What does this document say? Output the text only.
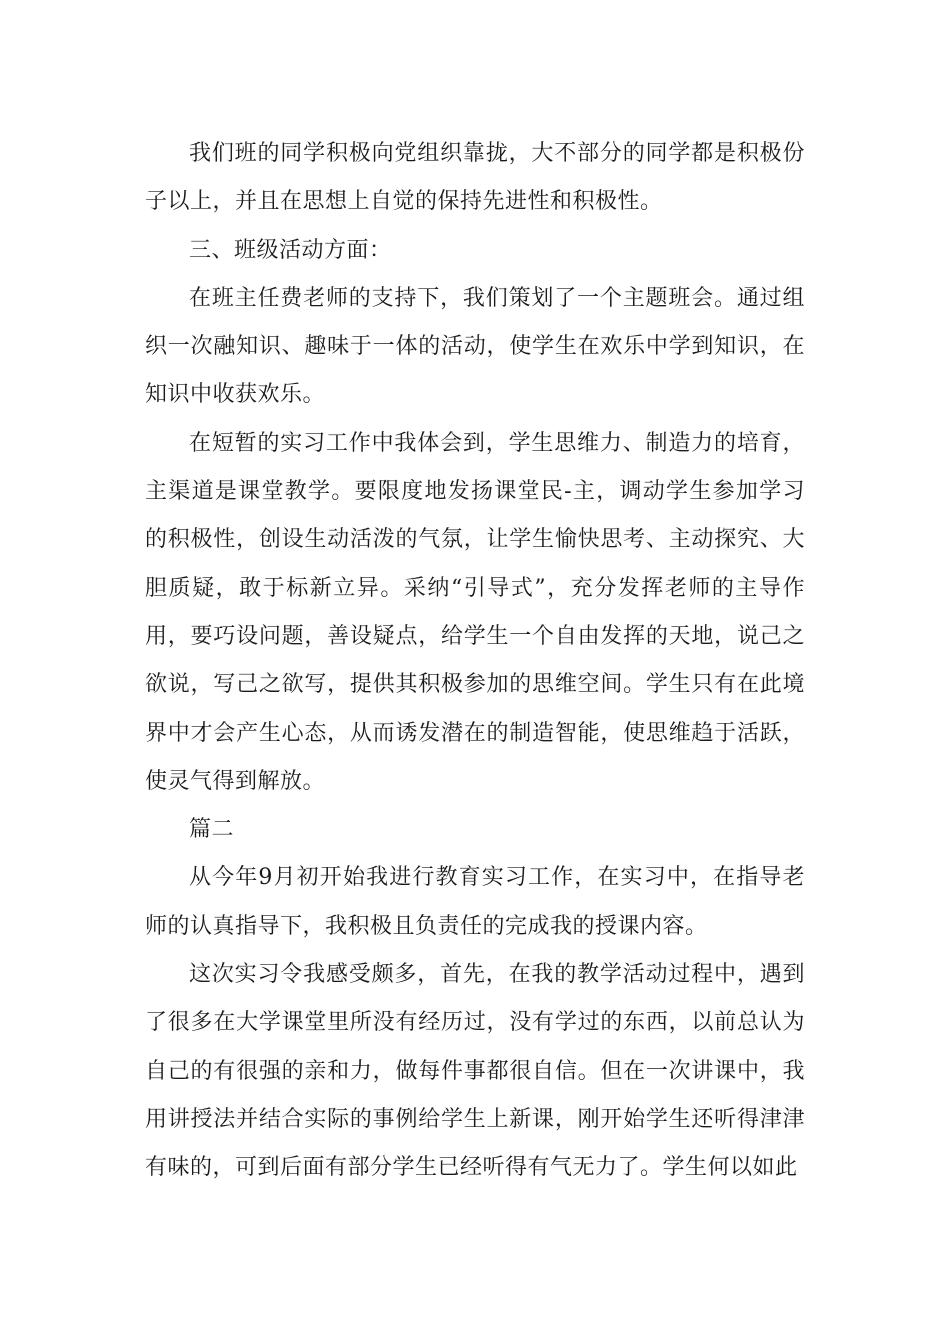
我们班的同学积极向党组织靠拢，大不部分的同学都是积极份子以上，并且在思想上自觉的保持先进性和积极性。

三、班级活动方面：

在班主任费老师的支持下，我们策划了一个主题班会。通过组织一次融知识、趣味于一体的活动，使学生在欢乐中学到知识，在知识中收获欢乐。

在短暂的实习工作中我体会到，学生思维力、制造力的培育，主渠道是课堂教学。要限度地发扬课堂民-主，调动学生参加学习的积极性，创设生动活泼的气氛，让学生愉快思考、主动探究、大胆质疑，敢于标新立异。采纳“引导式”，充分发挥老师的主导作用，要巧设问题，善设疑点，给学生一个自由发挥的天地，说己之欲说，写己之欲写，提供其积极参加的思维空间。学生只有在此境界中才会产生心态，从而诱发潜在的制造智能，使思维趋于活跃，使灵气得到解放。

篇二

从今年9月初开始我进行教育实习工作，在实习中，在指导老师的认真指导下，我积极且负责任的完成我的授课内容。

这次实习令我感受颇多，首先，在我的教学活动过程中，遇到了很多在大学课堂里所没有经历过，没有学过的东西，以前总认为自己的有很强的亲和力，做每件事都很自信。但在一次讲课中，我用讲授法并结合实际的事例给学生上新课，刚开始学生还听得津津有味的，可到后面有部分学生已经听得有气无力了。学生何以如此
